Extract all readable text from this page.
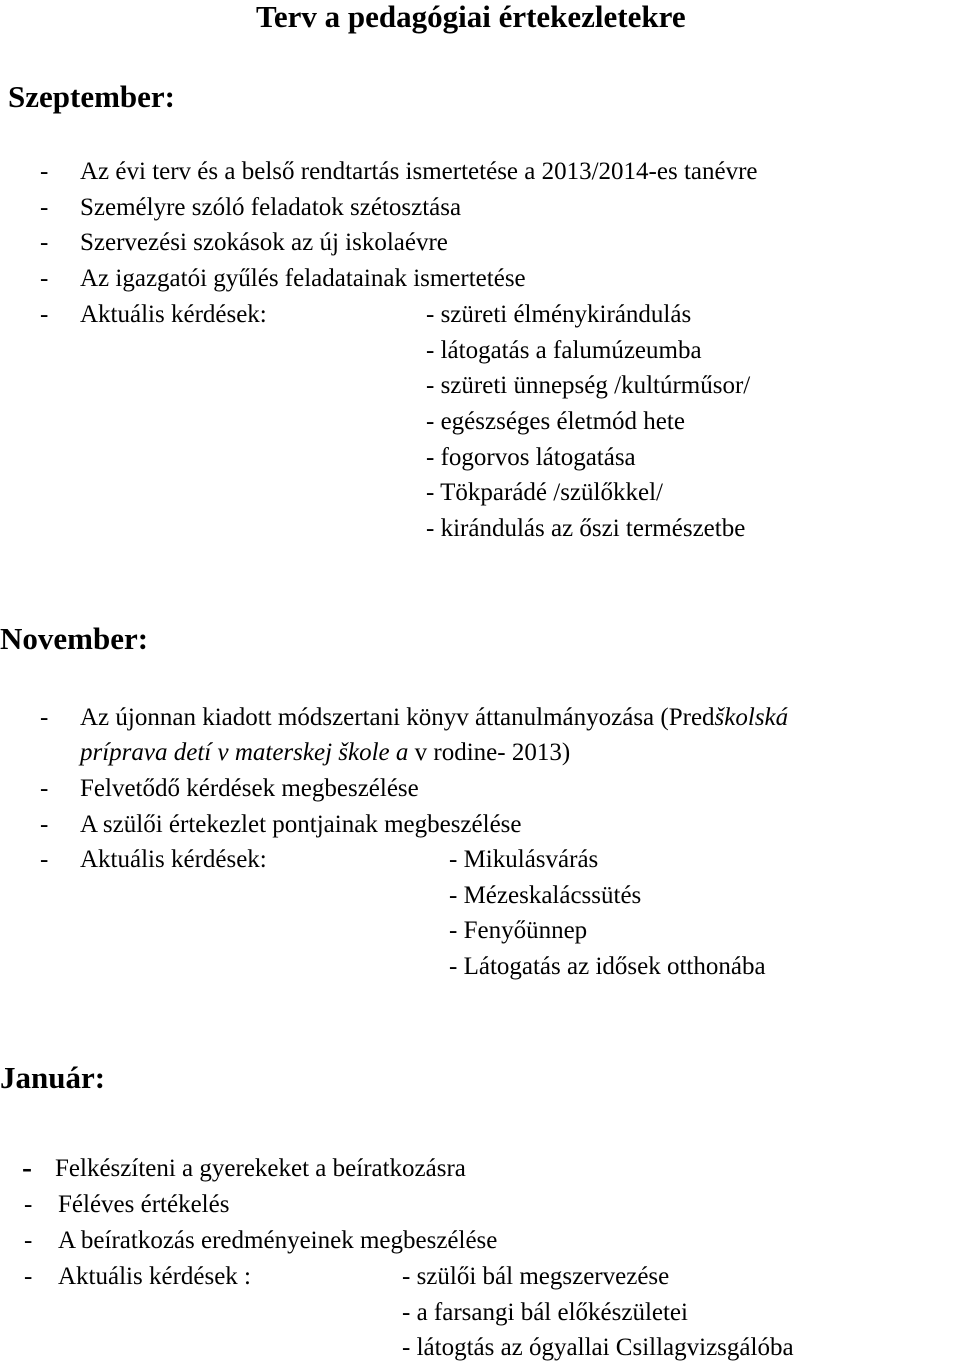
Terv a pedagógiai értekezletekre
Szeptember:
- Az évi terv és a belső rendtartás ismertetése a 2013/2014-es tanévre
- Személyre szóló feladatok szétosztása
- Szervezési szokások az új iskolaévre
- Az igazgatói gyűlés feladatainak ismertetése
- Aktuális kérdések:	- szüreti élménykirándulás
- látogatás a falumúzeumba
- szüreti ünnepség /kultúrműsor/
- egészséges életmód hete
- fogorvos látogatása
- Tökparádé /szülőkkel/
- kirándulás az őszi természetbe
November:
- Az újonnan kiadott módszertani könyv áttanulmányozása (Predškolská
príprava detí v materskej škole a v rodine- 2013)
- Felvetődő kérdések megbeszélése
- A szülői értekezlet pontjainak megbeszélése
- Aktuális kérdések:	- Mikulásvárás
- Mézeskalácssütés
- Fenyőünnep
- Látogatás az idősek otthonába
Január:
- Felkészíteni a gyerekeket a beíratkozásra
- Féléves értékelés
- A beíratkozás eredményeinek megbeszélése
- Aktuális kérdések :	- szülői bál megszervezése
- a farsangi bál előkészületei
- látogtás az ógyallai Csillagvizsgálóba
